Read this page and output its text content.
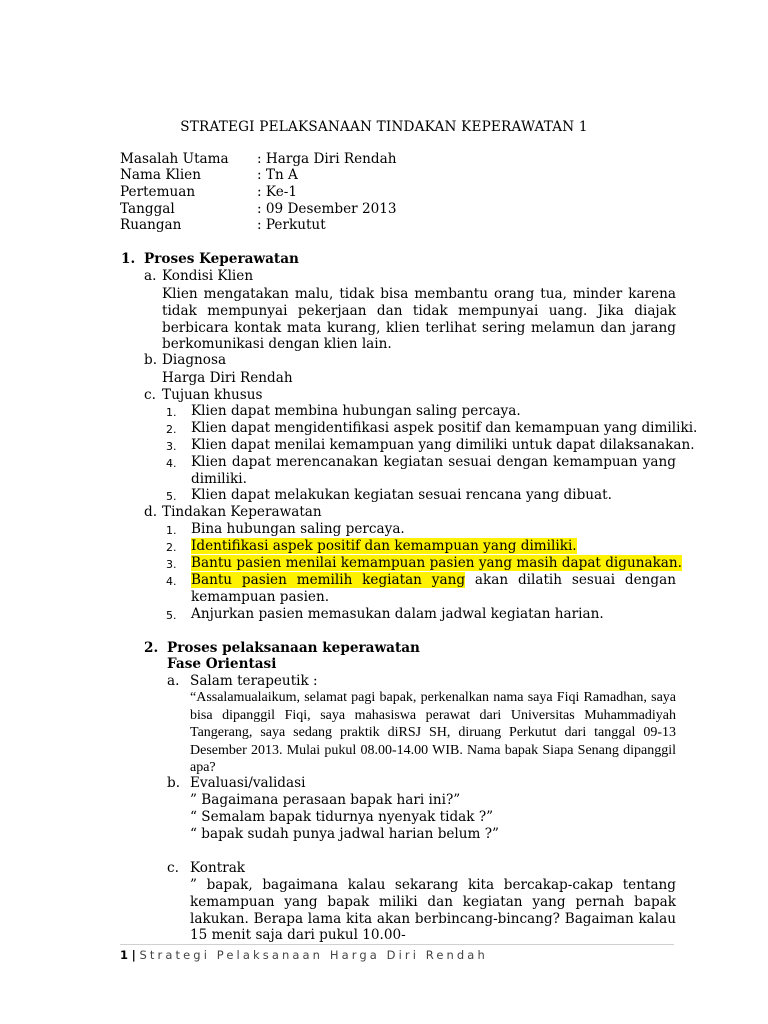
STRATEGI PELAKSANAAN TINDAKAN KEPERAWATAN 1
Masalah Utama : Harga Diri Rendah
Nama Klien	: Tn A
Pertemuan	: Ke-1
Tanggal	: 09 Desember 2013
Ruangan	: Perkutut
1. Proses Keperawatan
a. Kondisi Klien
Klien mengatakan malu, tidak bisa membantu orang tua, minder karena tidak mempunyai pekerjaan dan tidak mempunyai uang. Jika diajak berbicara kontak mata kurang, klien terlihat sering melamun dan jarang berkomunikasi dengan klien lain.
b. Diagnosa
Harga Diri Rendah
c. Tujuan khusus
1. Klien dapat membina hubungan saling percaya.
2. Klien dapat mengidentifikasi aspek positif dan kemampuan yang dimiliki.
3. Klien dapat menilai kemampuan yang dimiliki untuk dapat dilaksanakan.
4. Klien dapat merencanakan kegiatan sesuai dengan kemampuan yang dimiliki.
5. Klien dapat melakukan kegiatan sesuai rencana yang dibuat.
d. Tindakan Keperawatan
1. Bina hubungan saling percaya.
2. Identifikasi aspek positif dan kemampuan yang dimiliki.
3. Bantu pasien menilai kemampuan pasien yang masih dapat digunakan.
4. Bantu pasien memilih kegiatan yang akan dilatih sesuai dengan kemampuan pasien.
5. Anjurkan pasien memasukan dalam jadwal kegiatan harian.
2. Proses pelaksanaan keperawatan
Fase Orientasi
a. Salam terapeutik :
“Assalamualaikum, selamat pagi bapak, perkenalkan nama saya Fiqi Ramadhan, saya bisa dipanggil Fiqi, saya mahasiswa perawat dari Universitas Muhammadiyah Tangerang, saya sedang praktik diRSJ SH, diruang Perkutut dari tanggal 09-13 Desember 2013. Mulai pukul 08.00-14.00 WIB. Nama bapak Siapa Senang dipanggil apa?
b. Evaluasi/validasi
” Bagaimana perasaan bapak hari ini?”
“ Semalam bapak tidurnya nyenyak tidak ?”
“ bapak sudah punya jadwal harian belum ?”
c. Kontrak
” bapak, bagaimana kalau sekarang kita bercakap-cakap tentang kemampuan yang bapak miliki dan kegiatan yang pernah bapak lakukan. Berapa lama kita akan berbincang-bincang? Bagaiman kalau 15 menit saja dari pukul 10.00-
1 | Strategi Pelaksanaan Harga Diri Rendah
